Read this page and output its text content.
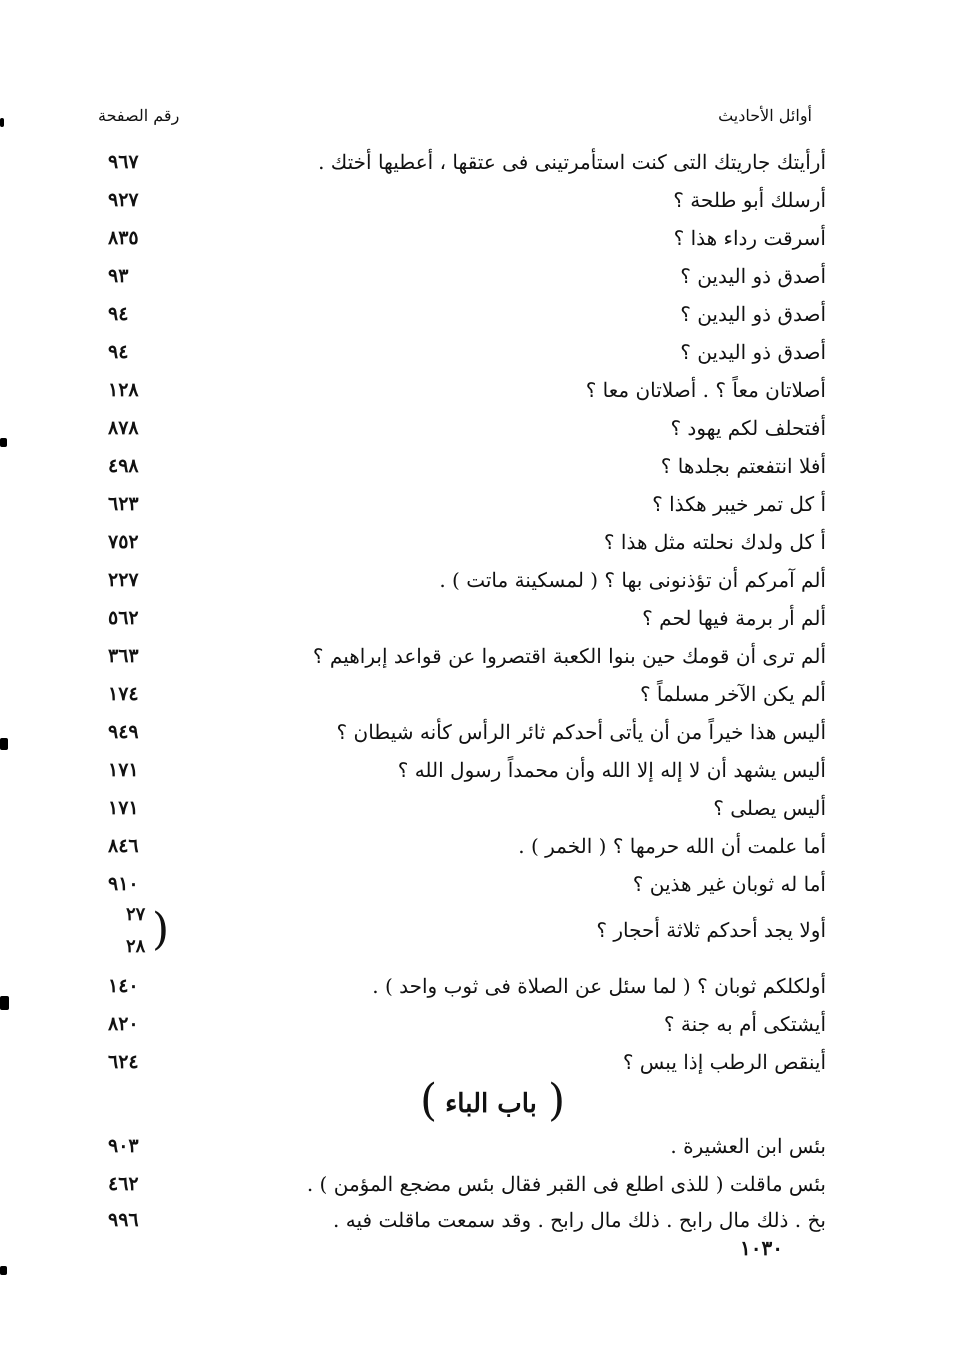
أوائل الأحاديث
رقم الصفحة
أرأيتك جاريتك التى كنت استأمرتينى فى عتقها ، أعطيها أختك .
٩٦٧
أرسلك أبو طلحة ؟
٩٢٧
أسرقت رداء هذا ؟
٨٣٥
أصدق ذو اليدين ؟
٩٣
أصدق ذو اليدين ؟
٩٤
أصدق ذو اليدين ؟
٩٤
أصلاتان معاً ؟ . أصلاتان معا ؟
١٢٨
أفتحلف لكم يهود ؟
٨٧٨
أفلا انتفعتم بجلدها ؟
٤٩٨
أ كل تمر خيبر هكذا ؟
٦٢٣
أ كل ولدك نحلته مثل هذا ؟
٧٥٢
ألم آمركم أن تؤذنونى بها ؟ ( لمسكينة ماتت ) .
٢٢٧
ألم أر برمة فيها لحم ؟
٥٦٢
ألم ترى أن قومك حين بنوا الكعبة اقتصروا عن قواعد إبراهيم ؟
٣٦٣
ألم يكن الآخر مسلماً ؟
١٧٤
أليس هذا خيراً من أن يأتى أحدكم ثائر الرأس كأنه شيطان ؟
٩٤٩
أليس يشهد أن لا إله إلا الله وأن محمداً رسول الله ؟
١٧١
أليس يصلى ؟
١٧١
أما علمت أن الله حرمها ؟ ( الخمر ) .
٨٤٦
أما له ثوبان غير هذين ؟
٩١٠
أولا يجد أحدكم ثلاثة أحجار ؟
٢٧
٢٨ )
أولكلكم ثوبان ؟ ( لما سئل عن الصلاة فى ثوب واحد ) .
١٤٠
أيشتكى أم به جنة ؟
٨٢٠
أينقص الرطب إذا يبس ؟
٦٢٤
( باب الباء )
بئس ابن العشيرة .
٩٠٣
بئس ماقلت ( للذى اطلع فى القبر فقال بئس مضجع المؤمن ) .
٤٦٢
بخ . ذلك مال رابح . ذلك مال رابح . وقد سمعت ماقلت فيه .
٩٩٦
١٠٣٠
